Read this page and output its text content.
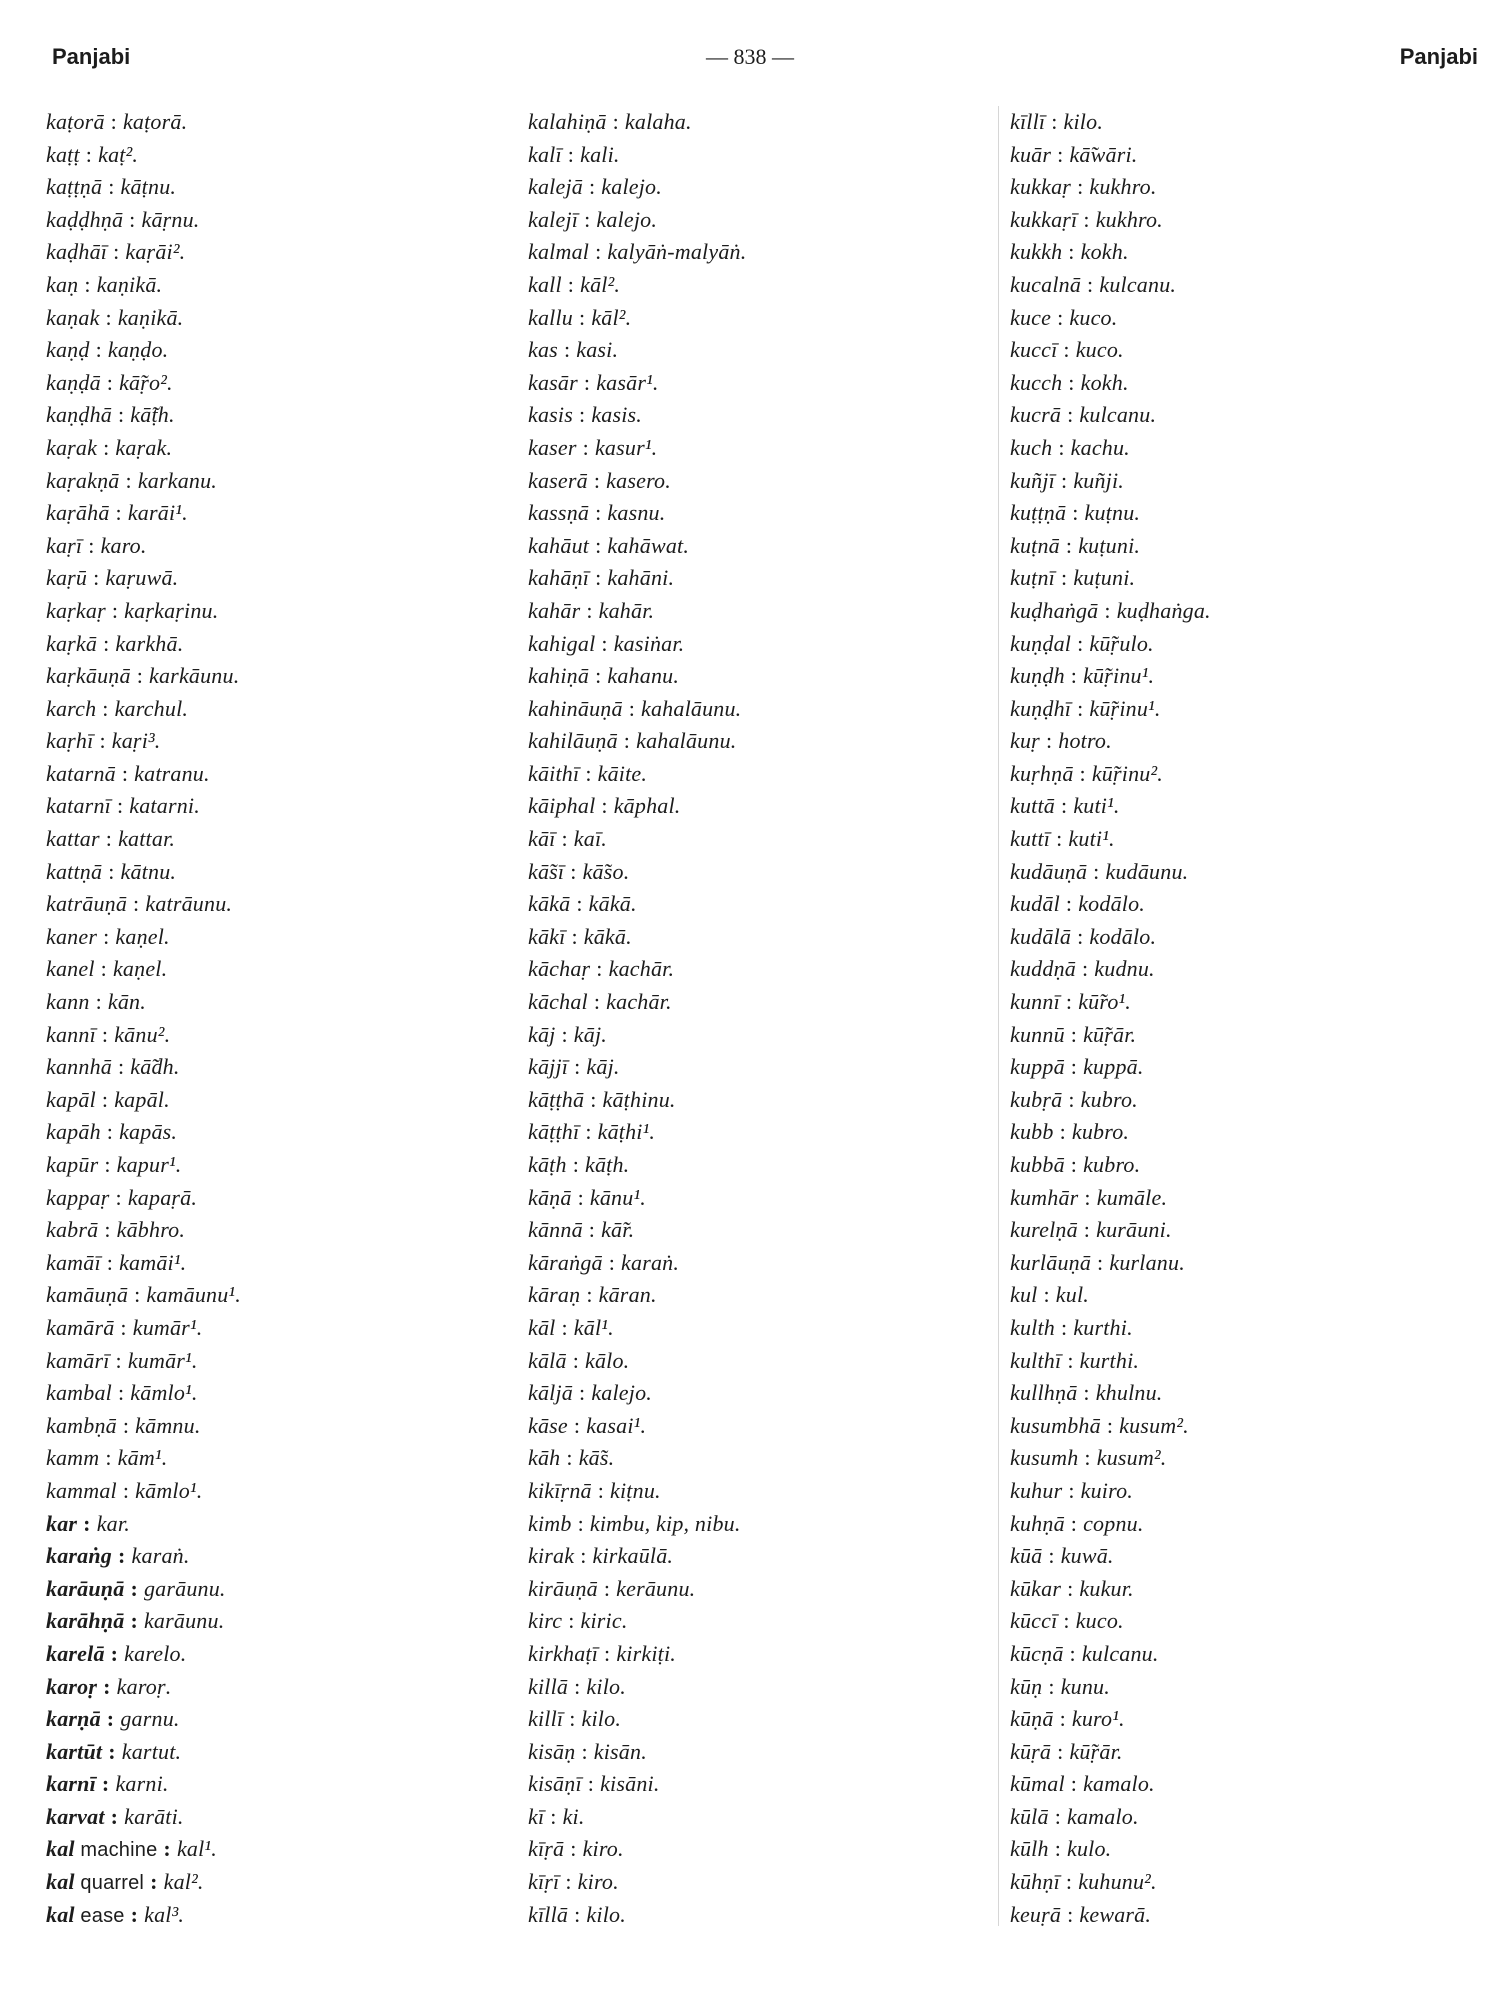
Panjabi	— 838 —	Panjabi
kaṭorā : kaṭorā.
kaṭṭ : kaṭ².
kaṭṭṇā : kāṭnu.
kaḍḍhṇā : kāṛnu.
kaḍhāī : kaṛāi².
kaṇ : kaṇikā.
kaṇak : kaṇikā.
kaṇḍ : kaṇḍo.
kaṇḍā : kā̃ṛo².
kaṇḍhā : kā̃ṭh.
kaṛak : kaṛak.
kaṛakṇā : karkanu.
kaṛāhā : karāi¹.
kaṛī : karo.
kaṛū : kaṛuwā.
kaṛkaṛ : kaṛkaṛinu.
kaṛkā : karkhā.
kaṛkāuṇā : karkāunu.
karch : karchul.
kaṛhī : kaṛi³.
katarnā : katranu.
katarnī : katarni.
kattar : kattar.
kattṇā : kātnu.
katrāuṇā : katrāunu.
kaner : kaṇel.
kanel : kaṇel.
kann : kān.
kannī : kānu².
kannhā : kā̃dh.
kapāl : kapāl.
kapāh : kapās.
kapūr : kapur¹.
kappaṛ : kapaṛā.
kabrā : kābhro.
kamāī : kamāi¹.
kamāuṇā : kamāunu¹.
kamārā : kumār¹.
kamārī : kumār¹.
kambal : kāmlo¹.
kambṇā : kāmnu.
kamm : kām¹.
kammal : kāmlo¹.
kar : kar.
karaṅg : karaṅ.
karāuṇā : garāunu.
karāhṇā : karāunu.
karelā : karelo.
karoṛ : karoṛ.
karṇā : garnu.
kartūt : kartut.
karnī : karni.
karvat : karāti.
kal machine : kal¹.
kal quarrel : kal².
kal ease : kal³.
kalahiṇā : kalaha.
kalī : kali.
kalejā : kalejo.
kalejī : kalejo.
kalmal : kalyāṅ-malyāṅ.
kall : kāl².
kallu : kāl².
kas : kasi.
kasār : kasār¹.
kasis : kasis.
kaser : kasur¹.
kaserā : kasero.
kassṇā : kasnu.
kahāut : kahāwat.
kahāṇī : kahāni.
kahār : kahār.
kahigal : kasiṅar.
kahiṇā : kahanu.
kahināuṇā : kahalāunu.
kahilāuṇā : kahalāunu.
kāithī : kāite.
kāiphal : kāphal.
kāī : kaī.
kā̃sī : kā̃so.
kākā : kākā.
kākī : kākā.
kāchaṛ : kachār.
kāchal : kachār.
kāj : kāj.
kājjī : kāj.
kāṭṭhā : kāṭhinu.
kāṭṭhī : kāṭhi¹.
kāṭh : kāṭh.
kāṇā : kānu¹.
kānnā : kā̃r.
kāraṅgā : karaṅ.
kāraṇ : kāran.
kāl : kāl¹.
kālā : kālo.
kāljā : kalejo.
kāse : kasai¹.
kāh : kā̃s.
kikīṛnā : kiṭnu.
kimb : kimbu, kip, nibu.
kirak : kirkaūlā.
kirāuṇā : kerāunu.
kirc : kiric.
kirkhaṭī : kirkiṭi.
killā : kilo.
killī : kilo.
kisāṇ : kisān.
kisāṇī : kisāni.
kī : ki.
kīṛā : kiro.
kīṛī : kiro.
kīllā : kilo.
kīllī : kilo.
kuār : kā̃wāri.
kukkaṛ : kukhro.
kukkaṛī : kukhro.
kukkh : kokh.
kucalnā : kulcanu.
kuce : kuco.
kuccī : kuco.
kucch : kokh.
kucrā : kulcanu.
kuch : kachu.
kuñjī : kuñji.
kuṭṭṇā : kuṭnu.
kuṭnā : kuṭuni.
kuṭnī : kuṭuni.
kuḍhaṅgā : kuḍhaṅga.
kuṇḍal : kū̃ṛulo.
kuṇḍh : kū̃ṛinu¹.
kuṇḍhī : kū̃ṛinu¹.
kuṛ : hotro.
kuṛhṇā : kū̃ṛinu².
kuttā : kuti¹.
kuttī : kuti¹.
kudāuṇā : kudāunu.
kudāl : kodālo.
kudālā : kodālo.
kuddṇā : kudnu.
kunnī : kū̃ro¹.
kunnū : kū̃ṛār.
kuppā : kuppā.
kubṛā : kubro.
kubb : kubro.
kubbā : kubro.
kumhār : kumāle.
kurelṇā : kurāuni.
kurlāuṇā : kurlanu.
kul : kul.
kulth : kurthi.
kulthī : kurthi.
kullhṇā : khulnu.
kusumbhā : kusum².
kusumh : kusum².
kuhur : kuiro.
kuhṇā : copnu.
kūā : kuwā.
kūkar : kukur.
kūccī : kuco.
kūcṇā : kulcanu.
kūṇ : kunu.
kūṇā : kuro¹.
kūṛā : kū̃ṛār.
kūmal : kamalo.
kūlā : kamalo.
kūlh : kulo.
kūhṇī : kuhunu².
keuṛā : kewarā.
